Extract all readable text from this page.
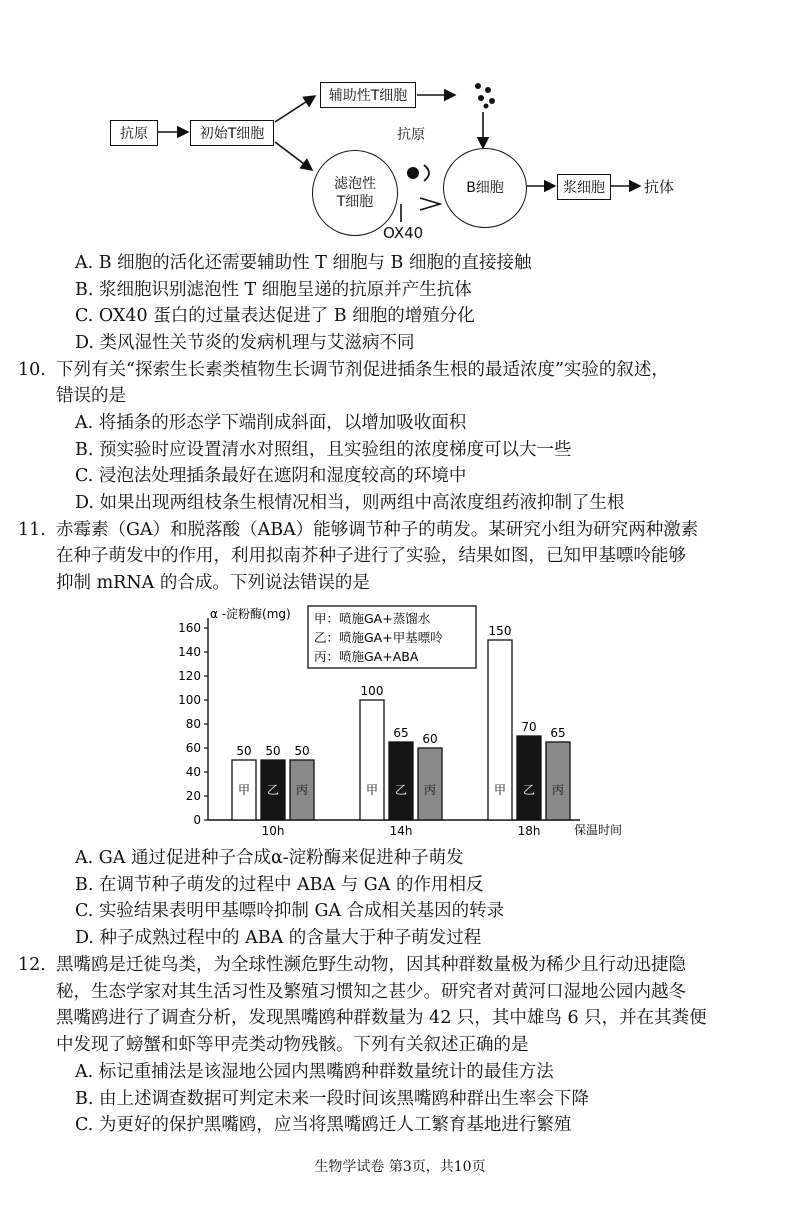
抗原	初始T细胞
辅助性T细胞
滤泡性
T细胞
抗原
B细胞	浆细胞	抗体
OX40
A. B 细胞的活化还需要辅助性 T 细胞与 B 细胞的直接接触
B. 浆细胞识别滤泡性 T 细胞呈递的抗原并产生抗体
C. OX40 蛋白的过量表达促进了 B 细胞的增殖分化
D. 类风湿性关节炎的发病机理与艾滋病不同
10. 下列有关“探索生长素类植物生长调节剂促进插条生根的最适浓度”实验的叙述，
错误的是
A. 将插条的形态学下端削成斜面，以增加吸收面积
B. 预实验时应设置清水对照组，且实验组的浓度梯度可以大一些
C. 浸泡法处理插条最好在遮阴和湿度较高的环境中
D. 如果出现两组枝条生根情况相当，则两组中高浓度组药液抑制了生根
11. 赤霉素（GA）和脱落酸（ABA）能够调节种子的萌发。某研究小组为研究两种激素
在种子萌发中的作用，利用拟南芥种子进行了实验，结果如图，已知甲基嘌呤能够
抑制 mRNA 的合成。下列说法错误的是
0
20
40
60
80
100
120
140
160
α -淀粉酶(mg)
保温时间
甲：喷施GA+蒸馏水
乙：喷施GA+甲基嘌呤
丙：喷施GA+ABA
50
甲
50
乙
50
丙
10h
100
甲
65
乙
60
丙
14h
150
甲
70
乙
65
丙
18h
A. GA 通过促进种子合成α-淀粉酶来促进种子萌发
B. 在调节种子萌发的过程中 ABA 与 GA 的作用相反
C. 实验结果表明甲基嘌呤抑制 GA 合成相关基因的转录
D. 种子成熟过程中的 ABA 的含量大于种子萌发过程
12. 黑嘴鸥是迁徙鸟类，为全球性濒危野生动物，因其种群数量极为稀少且行动迅捷隐
秘，生态学家对其生活习性及繁殖习惯知之甚少。研究者对黄河口湿地公园内越冬
黑嘴鸥进行了调查分析，发现黑嘴鸥种群数量为 42 只，其中雄鸟 6 只，并在其粪便
中发现了螃蟹和虾等甲壳类动物残骸。下列有关叙述正确的是
A. 标记重捕法是该湿地公园内黑嘴鸥种群数量统计的最佳方法
B. 由上述调查数据可判定未来一段时间该黑嘴鸥种群出生率会下降
C. 为更好的保护黑嘴鸥，应当将黑嘴鸥迁人工繁育基地进行繁殖
生物学试卷 第3页，共10页
